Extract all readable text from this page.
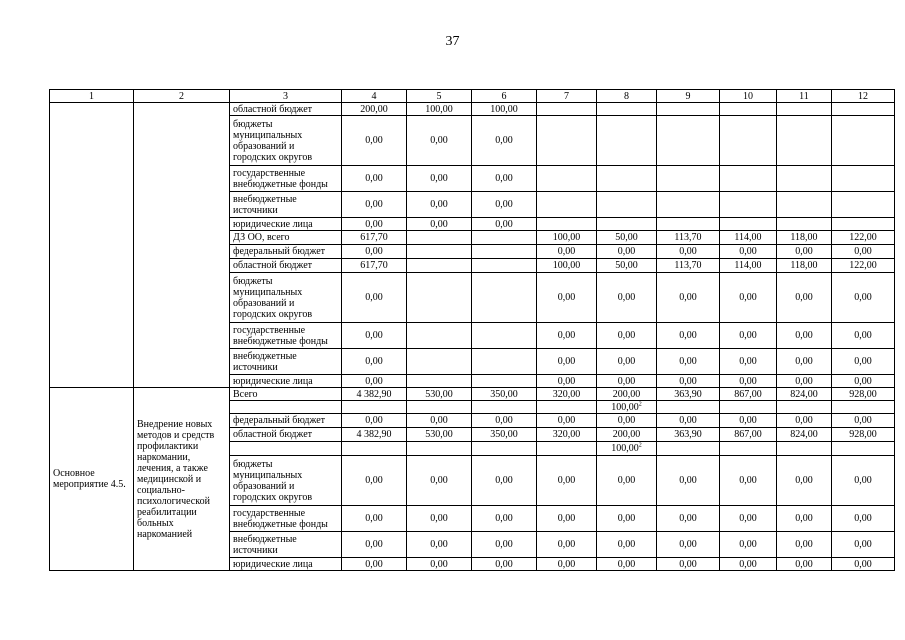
37
1	2	3	4	5	6	7	8	9	10	11	12
		областной бюджет	200,00	100,00	100,00						
		бюджеты муниципальных образований и городских округов	0,00	0,00	0,00						
		государственные внебюджетные фонды	0,00	0,00	0,00						
		внебюджетные источники	0,00	0,00	0,00						
		юридические лица	0,00	0,00	0,00						
		ДЗ ОО, всего	617,70			100,00	50,00	113,70	114,00	118,00	122,00
		федеральный бюджет	0,00			0,00	0,00	0,00	0,00	0,00	0,00
		областной бюджет	617,70			100,00	50,00	113,70	114,00	118,00	122,00
		бюджеты муниципальных образований и городских округов	0,00			0,00	0,00	0,00	0,00	0,00	0,00
		государственные внебюджетные фонды	0,00			0,00	0,00	0,00	0,00	0,00	0,00
		внебюджетные источники	0,00			0,00	0,00	0,00	0,00	0,00	0,00
		юридические лица	0,00			0,00	0,00	0,00	0,00	0,00	0,00
Основное мероприятие 4.5.	Внедрение новых методов и средств профилактики наркомании, лечения, а также медицинской и социально-психологической реабилитации больных наркоманией	Всего	4 382,90	530,00	350,00	320,00	200,00	363,90	867,00	824,00	928,00
							100,00$^2$				
		федеральный бюджет	0,00	0,00	0,00	0,00	0,00	0,00	0,00	0,00	0,00
		областной бюджет	4 382,90	530,00	350,00	320,00	200,00	363,90	867,00	824,00	928,00
							100,00$^2$				
		бюджеты муниципальных образований и городских округов	0,00	0,00	0,00	0,00	0,00	0,00	0,00	0,00	0,00
		государственные внебюджетные фонды	0,00	0,00	0,00	0,00	0,00	0,00	0,00	0,00	0,00
		внебюджетные источники	0,00	0,00	0,00	0,00	0,00	0,00	0,00	0,00	0,00
		юридические лица	0,00	0,00	0,00	0,00	0,00	0,00	0,00	0,00	0,00
